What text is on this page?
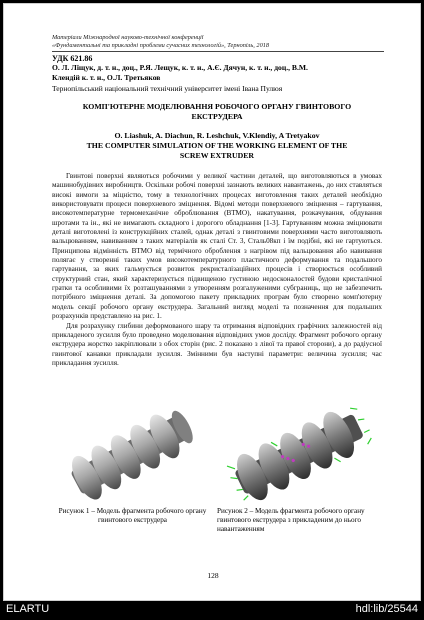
Матеріали Міжнародної науково-технічної конференції
«Фундаментальні та прикладні проблеми сучасних технологій», Тернопіль, 2018
УДК 621.86
О. Л. Ліщук, д. т. н., доц., Р.Я. Лещук, к. т. н., А.Є. Дячун, к. т. н., доц., В.М.
Клендій к. т. н., О.Л. Третьяков
Тернопільський національний технічний університет імені Івана Пулюя
КОМП'ЮТЕРНЕ МОДЕЛЮВАННЯ РОБОЧОГО ОРГАНУ ГВИНТОВОГО
ЕКСТРУДЕРА
O. Liashuk, A. Diachun, R. Leshchuk, V.Klendiy, A Tretyakov
THE COMPUTER SIMULATION OF THE WORKING ELEMENT OF THE
SCREW EXTRUDER

Гвинтові поверхні являються робочими у великої частини деталей, що виготовляються в умовах машинобудівних виробництв. Оскільки робочі поверхні зазнають великих навантажень, до них ставляться високі вимоги за міцністю, тому в технологічних процесах виготовлення таких деталей необхідно використовувати процеси поверхневого зміцнення. Відомі методи поверхневого зміцнення – гартування, високотемпературне термомеханічне оброблювання (ВТМО), накатування, розкачування, обдування шротами та ін., які не вимагають складного і дорогого обладнання [1-3]. Гартуванням можна зміцнювати деталі виготовлені із конструкційних сталей, однак деталі з гвинтовими поверхнями часто виготовляють вальцюванням, навиванням з таких матеріалів як сталі Ст. 3, Сталь08кп і їм подібні, які не гартуються. Принципова відмінність ВТМО від термічного оброблення з нагрівом під вальцювання або навивання полягає у створенні таких умов високотемпературного пластичного деформування та подальшого гартування, за яких гальмується розвиток рекристалізаційних процесів і створюється особливий структурний стан, який характеризується підвищеною густиною недосконалостей будови кристалічної гратки та особливими їх розташуваннями з утворенням розгалуженими субграниць, що не забезпечить потрібного зміцнення деталі. За допомогою пакету прикладних програм було створено комп'ютерну модель секції робочого органу екструдера. Загальний вигляд моделі та позначення для подальших розрахунків представлено на рис. 1.

Для розрахунку глибини деформованого шару та отримання відповідних графічних залежностей від прикладеного зусилля було проведено моделювання відповідних умов досліду. Фрагмент робочого органу екструдера жорстко закріплювали з обох сторін (рис. 2 показано з лівої та правої сторони), а до радіусної гвинтової канавки прикладали зусилля. Змінними був наступні параметри: величина зусилля; час прикладання зусилля.

Рисунок 1 – Модель фрагмента робочого органу гвинтового екструдера
Рисунок 2 – Модель фрагмента робочого органу гвинтового екструдера з прикладеним до нього навантаженням
128
ELARTU	hdl:lib/25544
